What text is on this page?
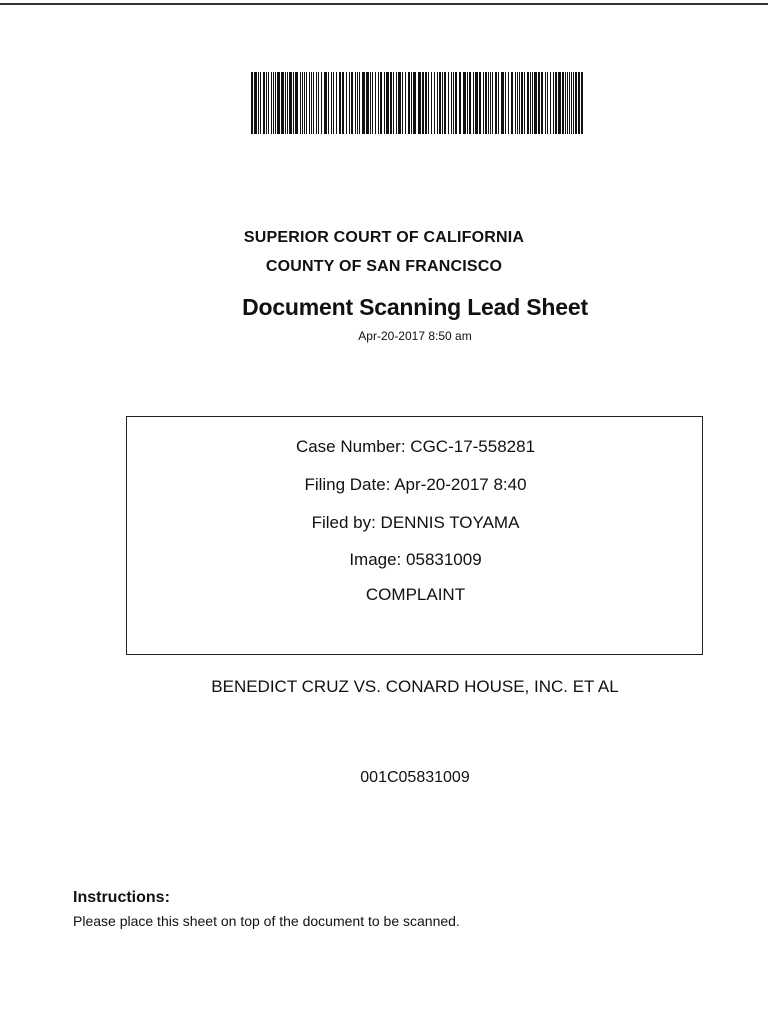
SUPERIOR COURT OF CALIFORNIA
COUNTY OF SAN FRANCISCO
Document Scanning Lead Sheet
Apr-20-2017 8:50 am
Case Number: CGC-17-558281
Filing Date: Apr-20-2017 8:40
Filed by: DENNIS TOYAMA
Image: 05831009
COMPLAINT
BENEDICT CRUZ VS. CONARD HOUSE, INC. ET AL
001C05831009
Instructions:
Please place this sheet on top of the document to be scanned.
